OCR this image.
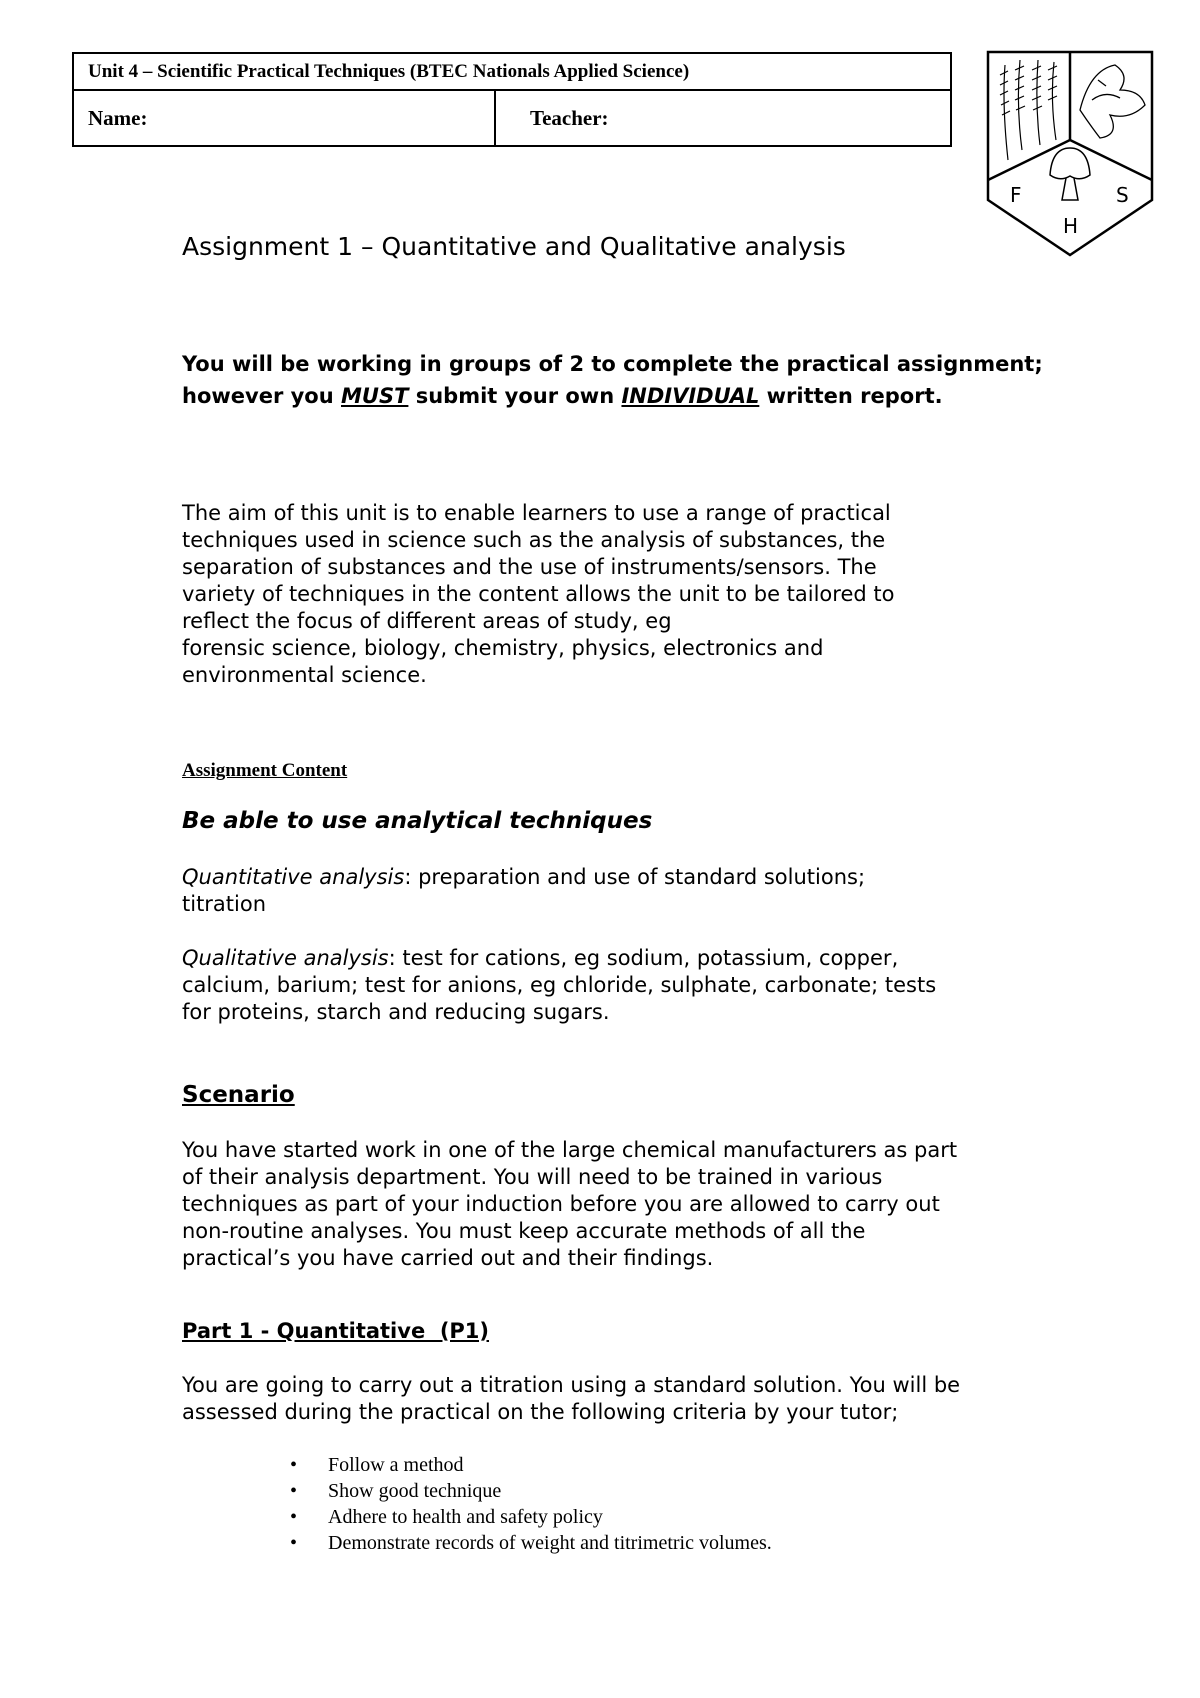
Unit 4 – Scientific Practical Techniques (BTEC Nationals Applied Science)
Name:	Teacher:
F	S
H
Assignment 1 – Quantitative and Qualitative analysis
You will be working in groups of 2 to complete the practical assignment;
however you MUST submit your own INDIVIDUAL written report.

The aim of this unit is to enable learners to use a range of practical

techniques used in science such as the analysis of substances, the

separation of substances and the use of instruments/sensors. The

variety of techniques in the content allows the unit to be tailored to

reflect the focus of different areas of study, eg

forensic science, biology, chemistry, physics, electronics and

environmental science.

Assignment Content
Be able to use analytical techniques

Quantitative analysis: preparation and use of standard solutions;

titration

Qualitative analysis: test for cations, eg sodium, potassium, copper,

calcium, barium; test for anions, eg chloride, sulphate, carbonate; tests

for proteins, starch and reducing sugars.

Scenario

You have started work in one of the large chemical manufacturers as part

of their analysis department. You will need to be trained in various

techniques as part of your induction before you are allowed to carry out

non-routine analyses. You must keep accurate methods of all the

practical’s you have carried out and their findings.

Part 1 - Quantitative  (P1)

You are going to carry out a titration using a standard solution. You will be

assessed during the practical on the following criteria by your tutor;

• Follow a method
• Show good technique
• Adhere to health and safety policy
• Demonstrate records of weight and titrimetric volumes.
